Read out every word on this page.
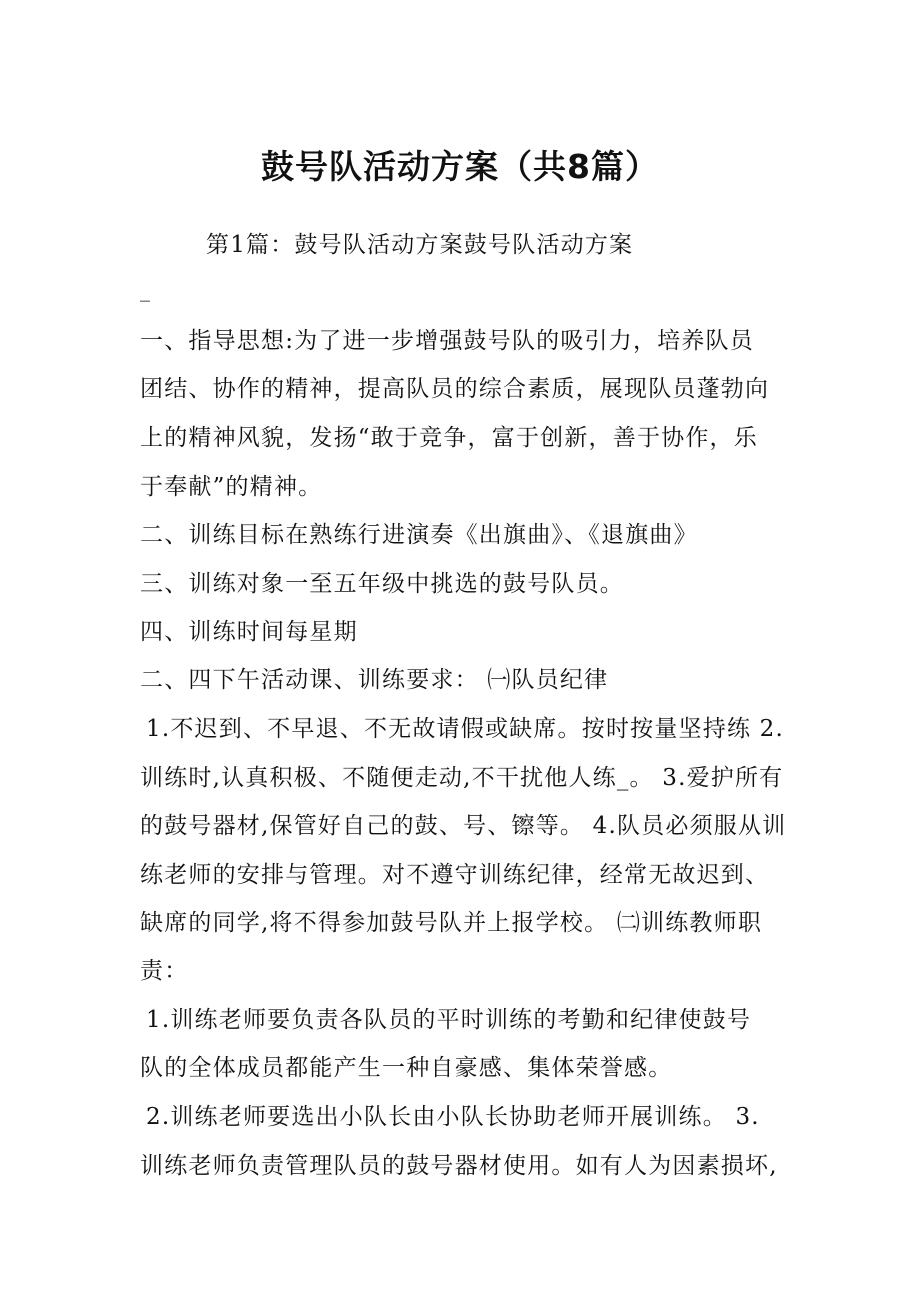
鼓号队活动方案（共8篇）
第1篇：鼓号队活动方案鼓号队活动方案
_
一、指导思想:为了进一步增强鼓号队的吸引力，培养队员
团结、协作的精神，提高队员的综合素质，展现队员蓬勃向
上的精神风貌，发扬“敢于竞争，富于创新，善于协作，乐
于奉献”的精神。
二、训练目标在熟练行进演奏《出旗曲》、《退旗曲》
三、训练对象一至五年级中挑选的鼓号队员。
四、训练时间每星期
二、四下午活动课、训练要求： ㈠队员纪律
1.不迟到、不早退、不无故请假或缺席。按时按量坚持练 2.
训练时,认真积极、不随便走动,不干扰他人练_。 3.爱护所有
的鼓号器材,保管好自己的鼓、号、镲等。 4.队员必须服从训
练老师的安排与管理。对不遵守训练纪律，经常无故迟到、
缺席的同学,将不得参加鼓号队并上报学校。 ㈡训练教师职
责：
1.训练老师要负责各队员的平时训练的考勤和纪律使鼓号
队的全体成员都能产生一种自豪感、集体荣誉感。
2.训练老师要选出小队长由小队长协助老师开展训练。 3.
训练老师负责管理队员的鼓号器材使用。如有人为因素损坏,
